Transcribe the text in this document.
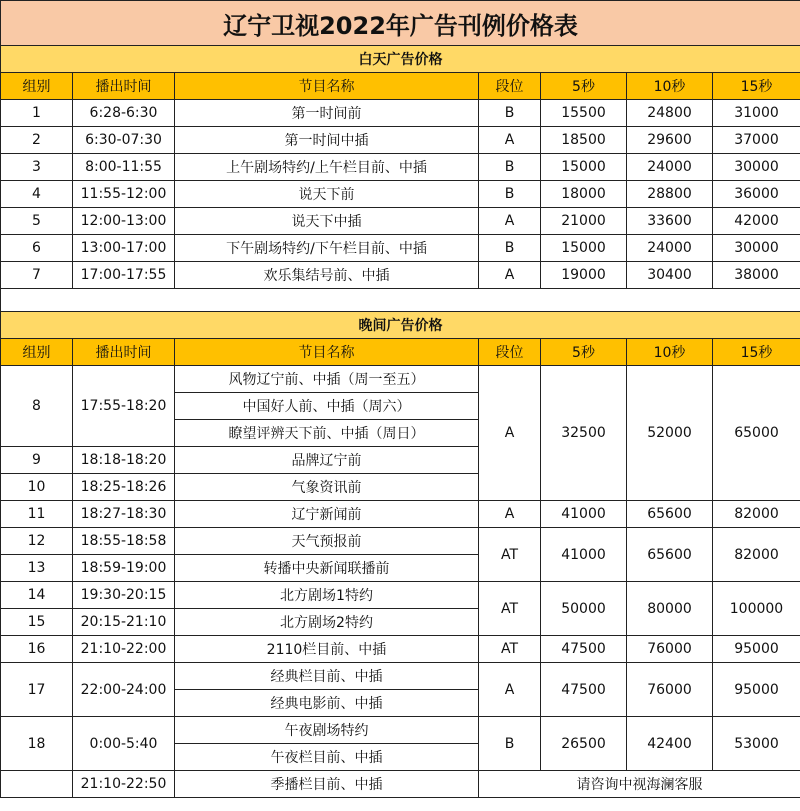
辽宁卫视2022年广告刊例价格表						
白天广告价格						
组别	播出时间	节目名称	段位	5秒	10秒	15秒
1	6:28-6:30	第一时间前	B	15500	24800	31000
2	6:30-07:30	第一时间中插	A	18500	29600	37000
3	8:00-11:55	上午剧场特约/上午栏目前、中插	B	15000	24000	30000
4	11:55-12:00	说天下前	B	18000	28800	36000
5	12:00-13:00	说天下中插	A	21000	33600	42000
6	13:00-17:00	下午剧场特约/下午栏目前、中插	B	15000	24000	30000
7	17:00-17:55	欢乐集结号前、中插	A	19000	30400	38000

晚间广告价格						
组别	播出时间	节目名称	段位	5秒	10秒	15秒
8	17:55-18:20	风物辽宁前、中插（周一至五）	A	32500	52000	65000
		中国好人前、中插（周六）				
		瞭望评辨天下前、中插（周日）				
9	18:18-18:20	品牌辽宁前				
10	18:25-18:26	气象资讯前				
11	18:27-18:30	辽宁新闻前	A	41000	65600	82000
12	18:55-18:58	天气预报前	AT	41000	65600	82000
13	18:59-19:00	转播中央新闻联播前				
14	19:30-20:15	北方剧场1特约	AT	50000	80000	100000
15	20:15-21:10	北方剧场2特约				
16	21:10-22:00	2110栏目前、中插	AT	47500	76000	95000
17	22:00-24:00	经典栏目前、中插	A	47500	76000	95000
		经典电影前、中插				
18	0:00-5:40	午夜剧场特约	B	26500	42400	53000
		午夜栏目前、中插				
	21:10-22:50	季播栏目前、中插	请咨询中视海澜客服			
